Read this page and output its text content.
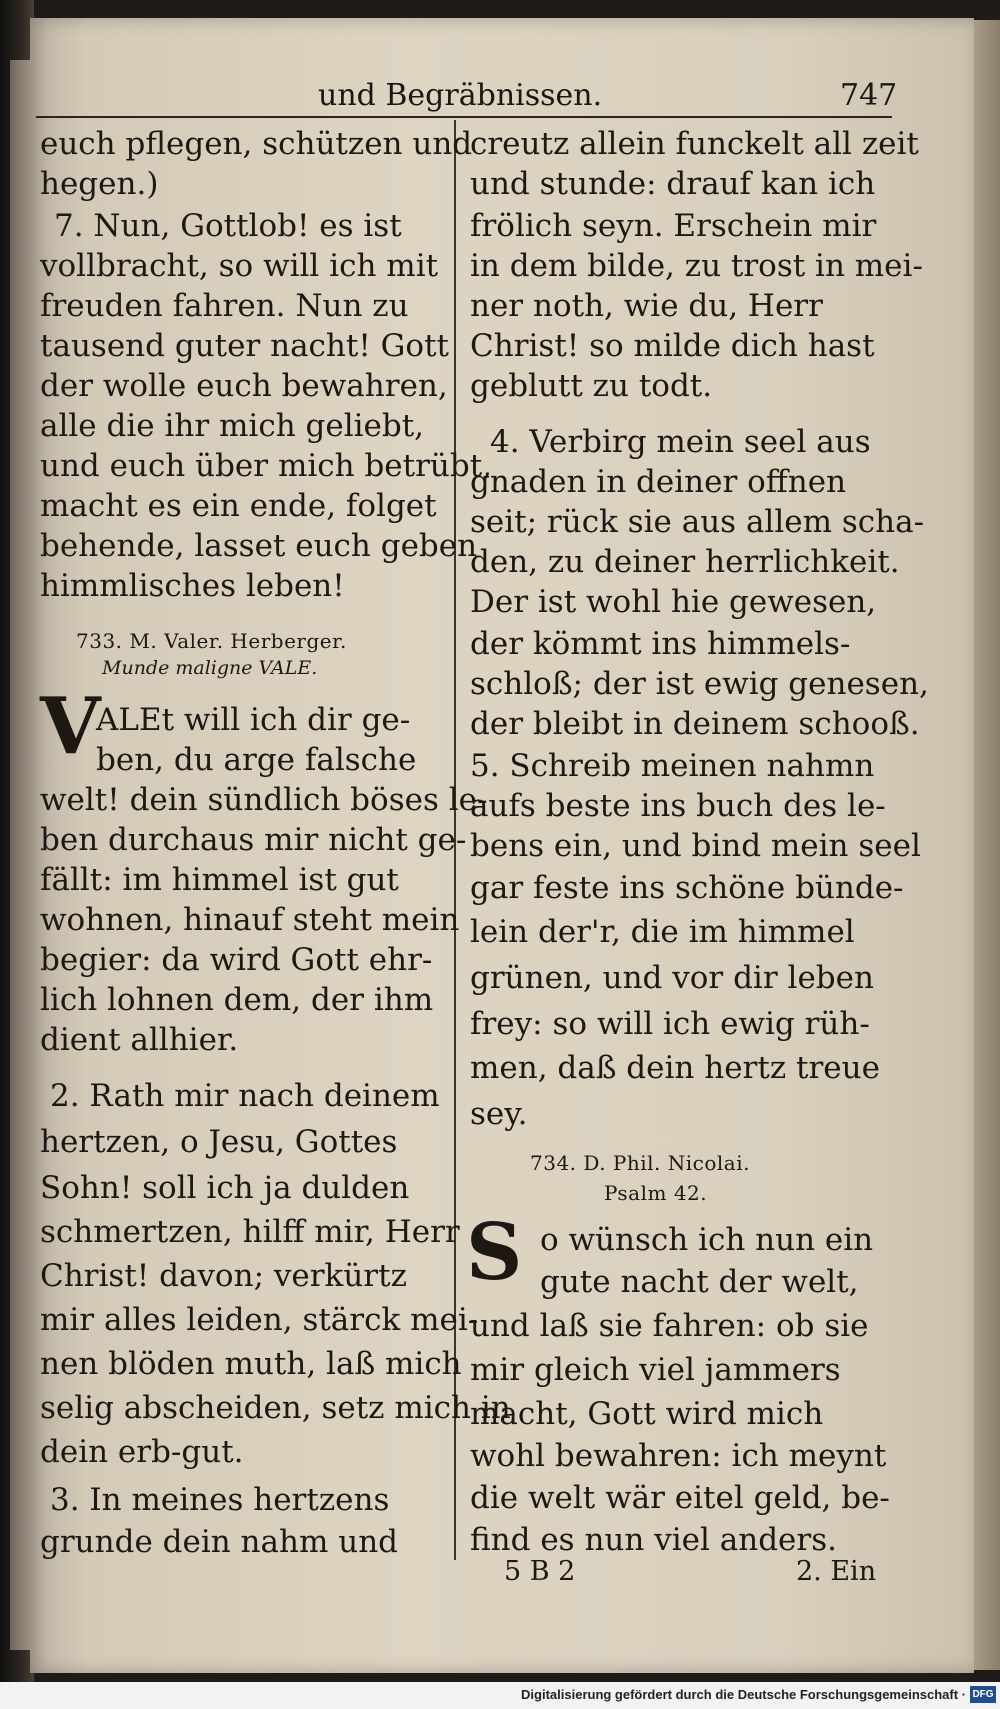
und Begräbnissen.	747
euch pflegen, schützen und
hegen.)
7. Nun, Gottlob! es ist
vollbracht, so will ich mit
freuden fahren. Nun zu
tausend guter nacht! Gott
der wolle euch bewahren,
alle die ihr mich geliebt,
und euch über mich betrübt,
macht es ein ende, folget
behende, lasset euch geben
himmlisches leben!
733. M. Valer. Herberger.
Munde maligne VALE.
V
ALEt will ich dir ge-
ben, du arge falsche
welt! dein sündlich böses le-
ben durchaus mir nicht ge-
fällt: im himmel ist gut
wohnen, hinauf steht mein
begier: da wird Gott ehr-
lich lohnen dem, der ihm
dient allhier.
2. Rath mir nach deinem
hertzen, o Jesu, Gottes
Sohn! soll ich ja dulden
schmertzen, hilff mir, Herr
Christ! davon; verkürtz
mir alles leiden, stärck mei-
nen blöden muth, laß mich
selig abscheiden, setz mich in
dein erb-gut.
3. In meines hertzens
grunde dein nahm und
creutz allein funckelt all zeit
und stunde: drauf kan ich
frölich seyn. Erschein mir
in dem bilde, zu trost in mei-
ner noth, wie du, Herr
Christ! so milde dich hast
geblutt zu todt.
4. Verbirg mein seel aus
gnaden in deiner offnen
seit; rück sie aus allem scha-
den, zu deiner herrlichkeit.
Der ist wohl hie gewesen,
der kömmt ins himmels-
schloß; der ist ewig genesen,
der bleibt in deinem schooß.
5. Schreib meinen nahmn
aufs beste ins buch des le-
bens ein, und bind mein seel
gar feste ins schöne bünde-
lein der'r, die im himmel
grünen, und vor dir leben
frey: so will ich ewig rüh-
men, daß dein hertz treue
sey.
734. D. Phil. Nicolai.
Psalm 42.
S o wünsch ich nun ein
gute nacht der welt,
und laß sie fahren: ob sie
mir gleich viel jammers
macht, Gott wird mich
wohl bewahren: ich meynt
die welt wär eitel geld, be-
find es nun viel anders.
5 B 2	2. Ein
Digitalisierung gefördert durch die Deutsche Forschungsgemeinschaft · DFG
